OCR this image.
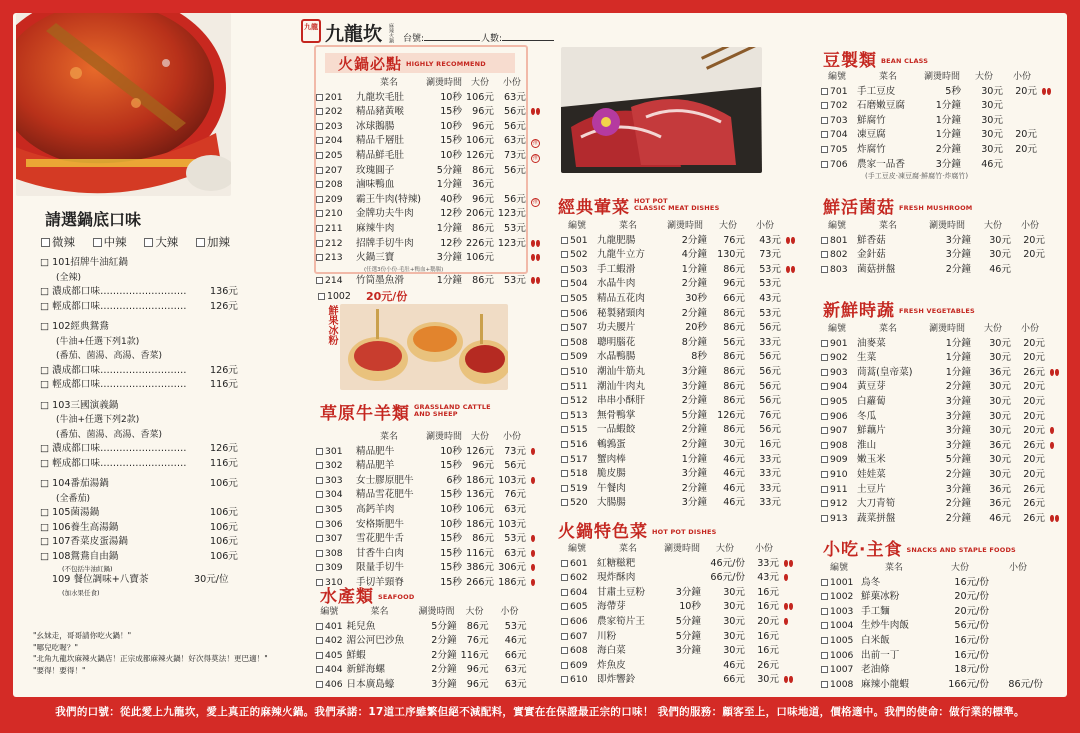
請選鍋底口味
微辣 中辣 大辣 加辣
□ 101招牌牛油紅鍋
(全辣)
□ 濃成都口味……………………… 136元
□ 輕成都口味……………………… 126元
□ 102經典鴛鴦
(牛油+任選下列1款)
(番茄、菌湯、高湯、香菜)
□ 濃成都口味……………………… 126元
□ 輕成都口味……………………… 116元
□ 103三國演義鍋
(牛油+任選下列2款)
(番茄、菌湯、高湯、香菜)
□ 濃成都口味……………………… 126元
□ 輕成都口味……………………… 116元
□ 104番茄湯鍋	106元
(全番茄)
□ 105菌湯鍋	106元
□ 106養生高湯鍋	106元
□ 107香菜皮蛋湯鍋	106元
□ 108鴛鴦自由鍋	106元
(不包括牛油紅鍋)
109 餐位調味+八寶茶	30元/位
(加水果任食)
"幺妹走，哥哥請你吃火鍋！"
"哪兒吃喔？"
"北角九龍坎麻辣火鍋店！正宗成都麻辣火鍋！好次得莫法！更巴適！"
"要得！要得！"
九龍 九龍坎 麻辣火鍋 台號:	人數:
火鍋必點 HIGHLY RECOMMEND
	菜名	涮燙時間	大份	小份	
201	九龍坎毛肚	10秒	106元	63元	
202	精品豬黃喉	15秒	96元	56元	
203	冰球鵝腸	10秒	96元	56元	
204	精品千層肚	15秒	106元	63元	推
205	精品鮮毛肚	10秒	126元	73元	推
207	玫瑰圓子	5分鐘	86元	56元	
208	滷味鴨血	1分鐘	36元		
209	霸王牛肉(特辣)	40秒	96元	56元	推
210	金牌功夫牛肉	12秒	206元	123元	
211	麻辣牛肉	1分鐘	86元	53元	
212	招牌手切牛肉	12秒	226元	123元	
213	火鍋三寶	3分鐘	106元		
(任選3份小份·毛肚+鴨血+鵝腸)					
214	竹筒墨魚滑	1分鐘	86元	53元	
1002 20元/份
鮮果冰粉
草原牛羊類 GRASSLAND CATTLE
AND SHEEP
	菜名	涮燙時間	大份	小份	
301	精品肥牛	10秒	126元	73元	
302	精品肥羊	15秒	96元	56元	
303	女士膠原肥牛	6秒	186元	103元	
304	精品雪花肥牛	15秒	136元	76元	
305	高鈣羊肉	10秒	106元	63元	
306	安格斯肥牛	10秒	186元	103元	
307	雪花肥牛舌	15秒	86元	53元	
308	甘香牛白肉	15秒	116元	63元	
309	限量手切牛	15秒	386元	306元	
310	手切羊頸脊	15秒	266元	186元	
水產類 SEAFOOD
編號	菜名	涮燙時間	大份	小份	
401	耗兒魚	5分鐘	86元	53元	
402	湄公河巴沙魚	2分鐘	76元	46元	
405	鮮蝦	2分鐘	116元	66元	
404	新鮮海螺	2分鐘	96元	63元	
406	日本廣島蠔	3分鐘	96元	63元	
經典葷菜 HOT POT
CLASSIC MEAT DISHES
編號	菜名	涮燙時間	大份	小份	
501	九龍肥腸	2分鐘	76元	43元	
502	九龍牛立方	4分鐘	130元	73元	
503	手工蝦滑	1分鐘	86元	53元	
504	水晶牛肉	2分鐘	96元	53元	
505	精品五花肉	30秒	66元	43元	
506	秘製豬頸肉	2分鐘	86元	53元	
507	功夫腰片	20秒	86元	56元	
508	聰明腦花	8分鐘	56元	33元	
509	水晶鴨腸	8秒	86元	56元	
510	潮汕牛筋丸	3分鐘	86元	56元	
511	潮汕牛肉丸	3分鐘	86元	56元	
512	串串小酥肝	2分鐘	86元	56元	
513	無骨鴨掌	5分鐘	126元	76元	
515	一品蝦餃	2分鐘	86元	56元	
516	鵪鶉蛋	2分鐘	30元	16元	
517	蟹肉棒	1分鐘	46元	33元	
518	脆皮腸	3分鐘	46元	33元	
519	午餐肉	2分鐘	46元	33元	
520	大腸腸	3分鐘	46元	33元	
火鍋特色菜 HOT POT DISHES
編號	菜名	涮燙時間	大份	小份	
601	紅糖糍粑		46元/份	33元	
602	現炸酥肉		66元/份	43元	
604	甘肅土豆粉	3分鐘	30元	16元	
605	海帶芽	10秒	30元	16元	
606	農家筍片王	5分鐘	30元	20元	
607	川粉	5分鐘	30元	16元	
608	海白菜	3分鐘	30元	16元	
609	炸魚皮		46元	26元	
610	即炸響鈴		66元	30元	
豆製類 BEAN CLASS
編號	菜名	涮燙時間	大份	小份	
701	手工豆皮	5秒	30元	20元	
702	石磨嫩豆腐	1分鐘	30元		
703	鮮腐竹	1分鐘	30元		
704	凍豆腐	1分鐘	30元	20元	
705	炸腐竹	2分鐘	30元	20元	
706	農家一品香	3分鐘	46元		
(手工豆皮·凍豆腐·鮮腐竹·炸腐竹)					
鮮活菌菇 FRESH MUSHROOM
編號	菜名	涮燙時間	大份	小份	
801	鮮香菇	3分鐘	30元	20元	
802	金針菇	3分鐘	30元	20元	
803	菌菇拼盤	2分鐘	46元		
新鮮時蔬 FRESH VEGETABLES
編號	菜名	涮燙時間	大份	小份	
901	油麥菜	1分鐘	30元	20元	
902	生菜	1分鐘	30元	20元	
903	茼蒿(皇帝菜)	1分鐘	36元	26元	
904	黃豆芽	2分鐘	30元	20元	
905	白蘿蔔	3分鐘	30元	20元	
906	冬瓜	3分鐘	30元	20元	
907	鮮藕片	3分鐘	30元	20元	
908	淮山	3分鐘	36元	26元	
909	嫩玉米	5分鐘	30元	20元	
910	娃娃菜	2分鐘	30元	20元	
911	土豆片	3分鐘	36元	26元	
912	大刀青筍	2分鐘	36元	26元	
913	蔬菜拼盤	2分鐘	46元	26元	
小吃·主食 SNACKS AND STAPLE FOODS
編號	菜名	大份	小份
1001	烏冬	16元/份	
1002	鮮菓冰粉	20元/份	
1003	手工麵	20元/份	
1004	生炒牛肉飯	56元/份	
1005	白米飯	16元/份	
1006	出前一丁	16元/份	
1007	老油條	18元/份	
1008	麻辣小龍蝦	166元/份	86元/份
我們的口號：從此愛上九龍坎，愛上真正的麻辣火鍋。我們承諾：17道工序雖繁但絕不減配料，實實在在保證最正宗的口味！ 我們的服務：顧客至上，口味地道，價格適中。我們的使命：做行業的標準。
